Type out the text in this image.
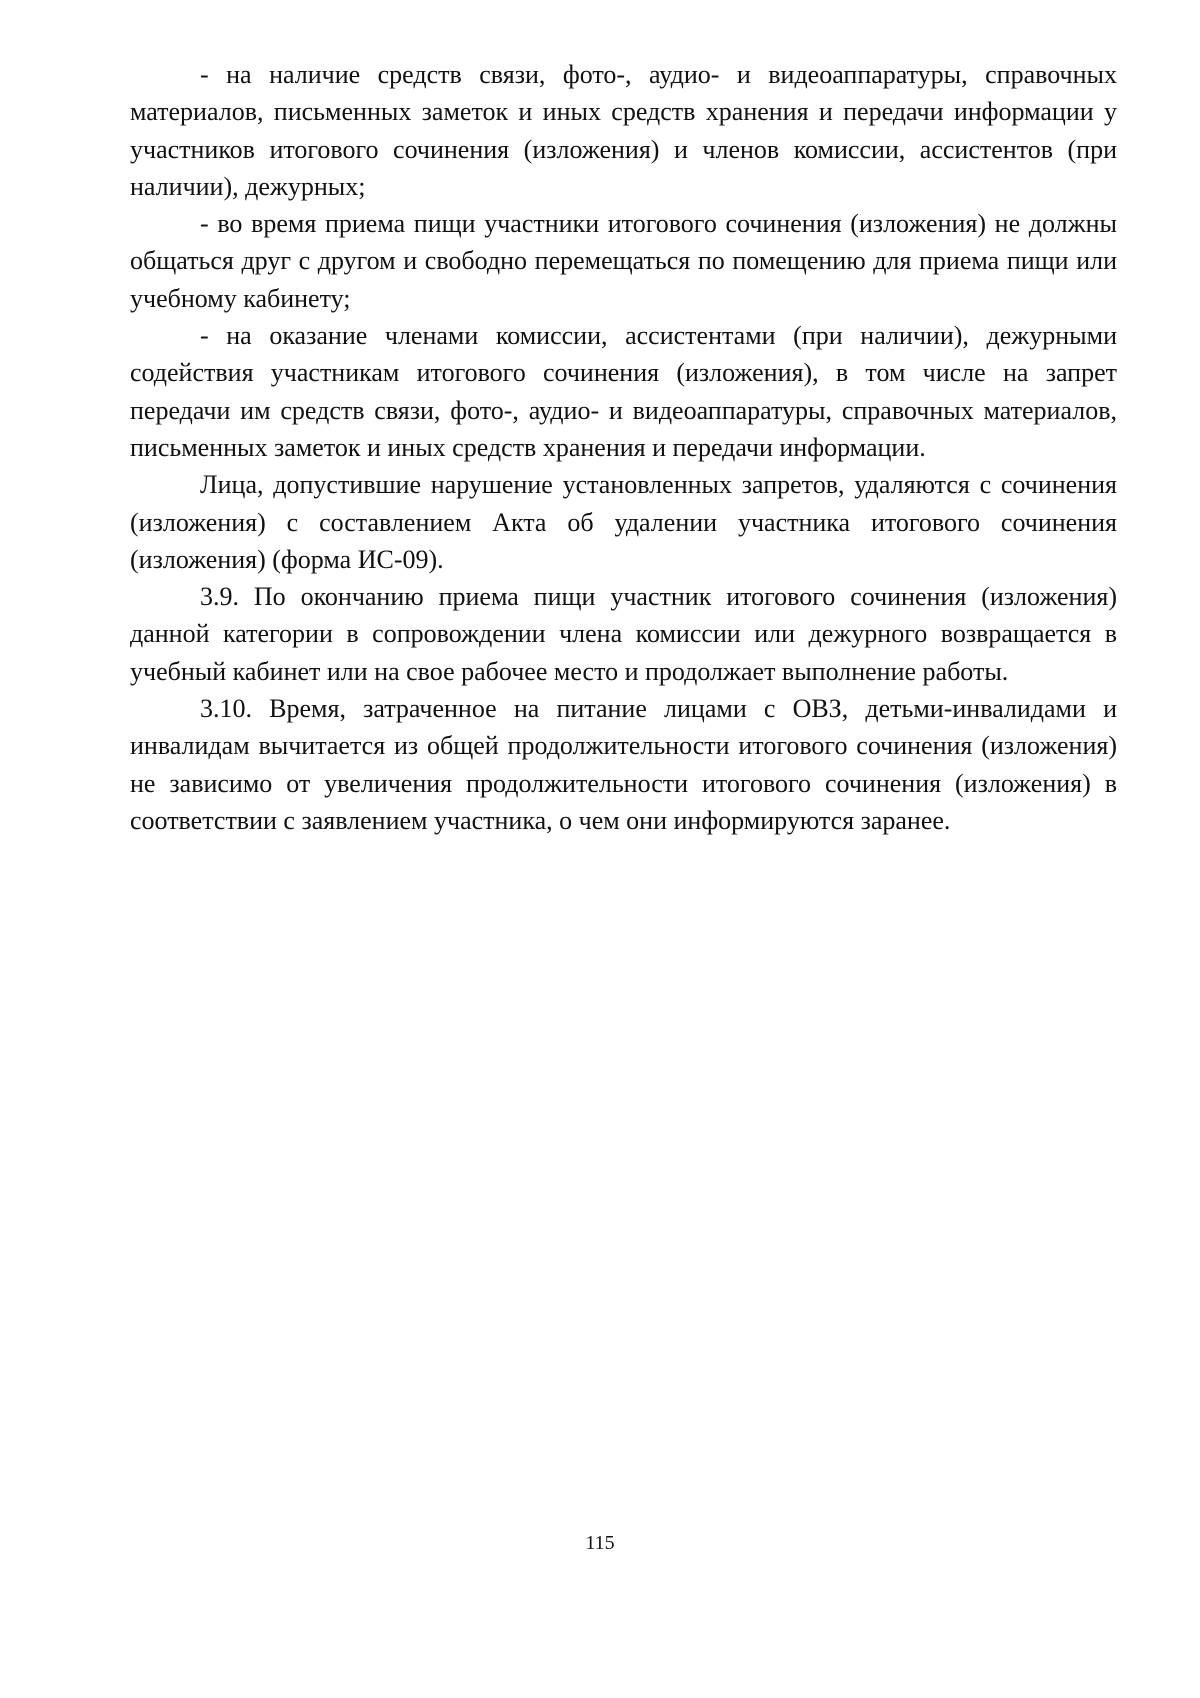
- на наличие средств связи, фото-, аудио- и видеоаппаратуры, справочных материалов, письменных заметок и иных средств хранения и передачи информации у участников итогового сочинения (изложения) и членов комиссии, ассистентов (при наличии), дежурных;

- во время приема пищи участники итогового сочинения (изложения) не должны общаться друг с другом и свободно перемещаться по помещению для приема пищи или учебному кабинету;

- на оказание членами комиссии, ассистентами (при наличии), дежурными содействия участникам итогового сочинения (изложения), в том числе на запрет передачи им средств связи, фото-, аудио- и видеоаппаратуры, справочных материалов, письменных заметок и иных средств хранения и передачи информации.

Лица, допустившие нарушение установленных запретов, удаляются с сочинения (изложения) с составлением Акта об удалении участника итогового сочинения (изложения) (форма ИС-09).

3.9. По окончанию приема пищи участник итогового сочинения (изложения) данной категории в сопровождении члена комиссии или дежурного возвращается в учебный кабинет или на свое рабочее место и продолжает выполнение работы.

3.10. Время, затраченное на питание лицами с ОВЗ, детьми-инвалидами и инвалидам вычитается из общей продолжительности итогового сочинения (изложения) не зависимо от увеличения продолжительности итогового сочинения (изложения) в соответствии с заявлением участника, о чем они информируются заранее.

115
